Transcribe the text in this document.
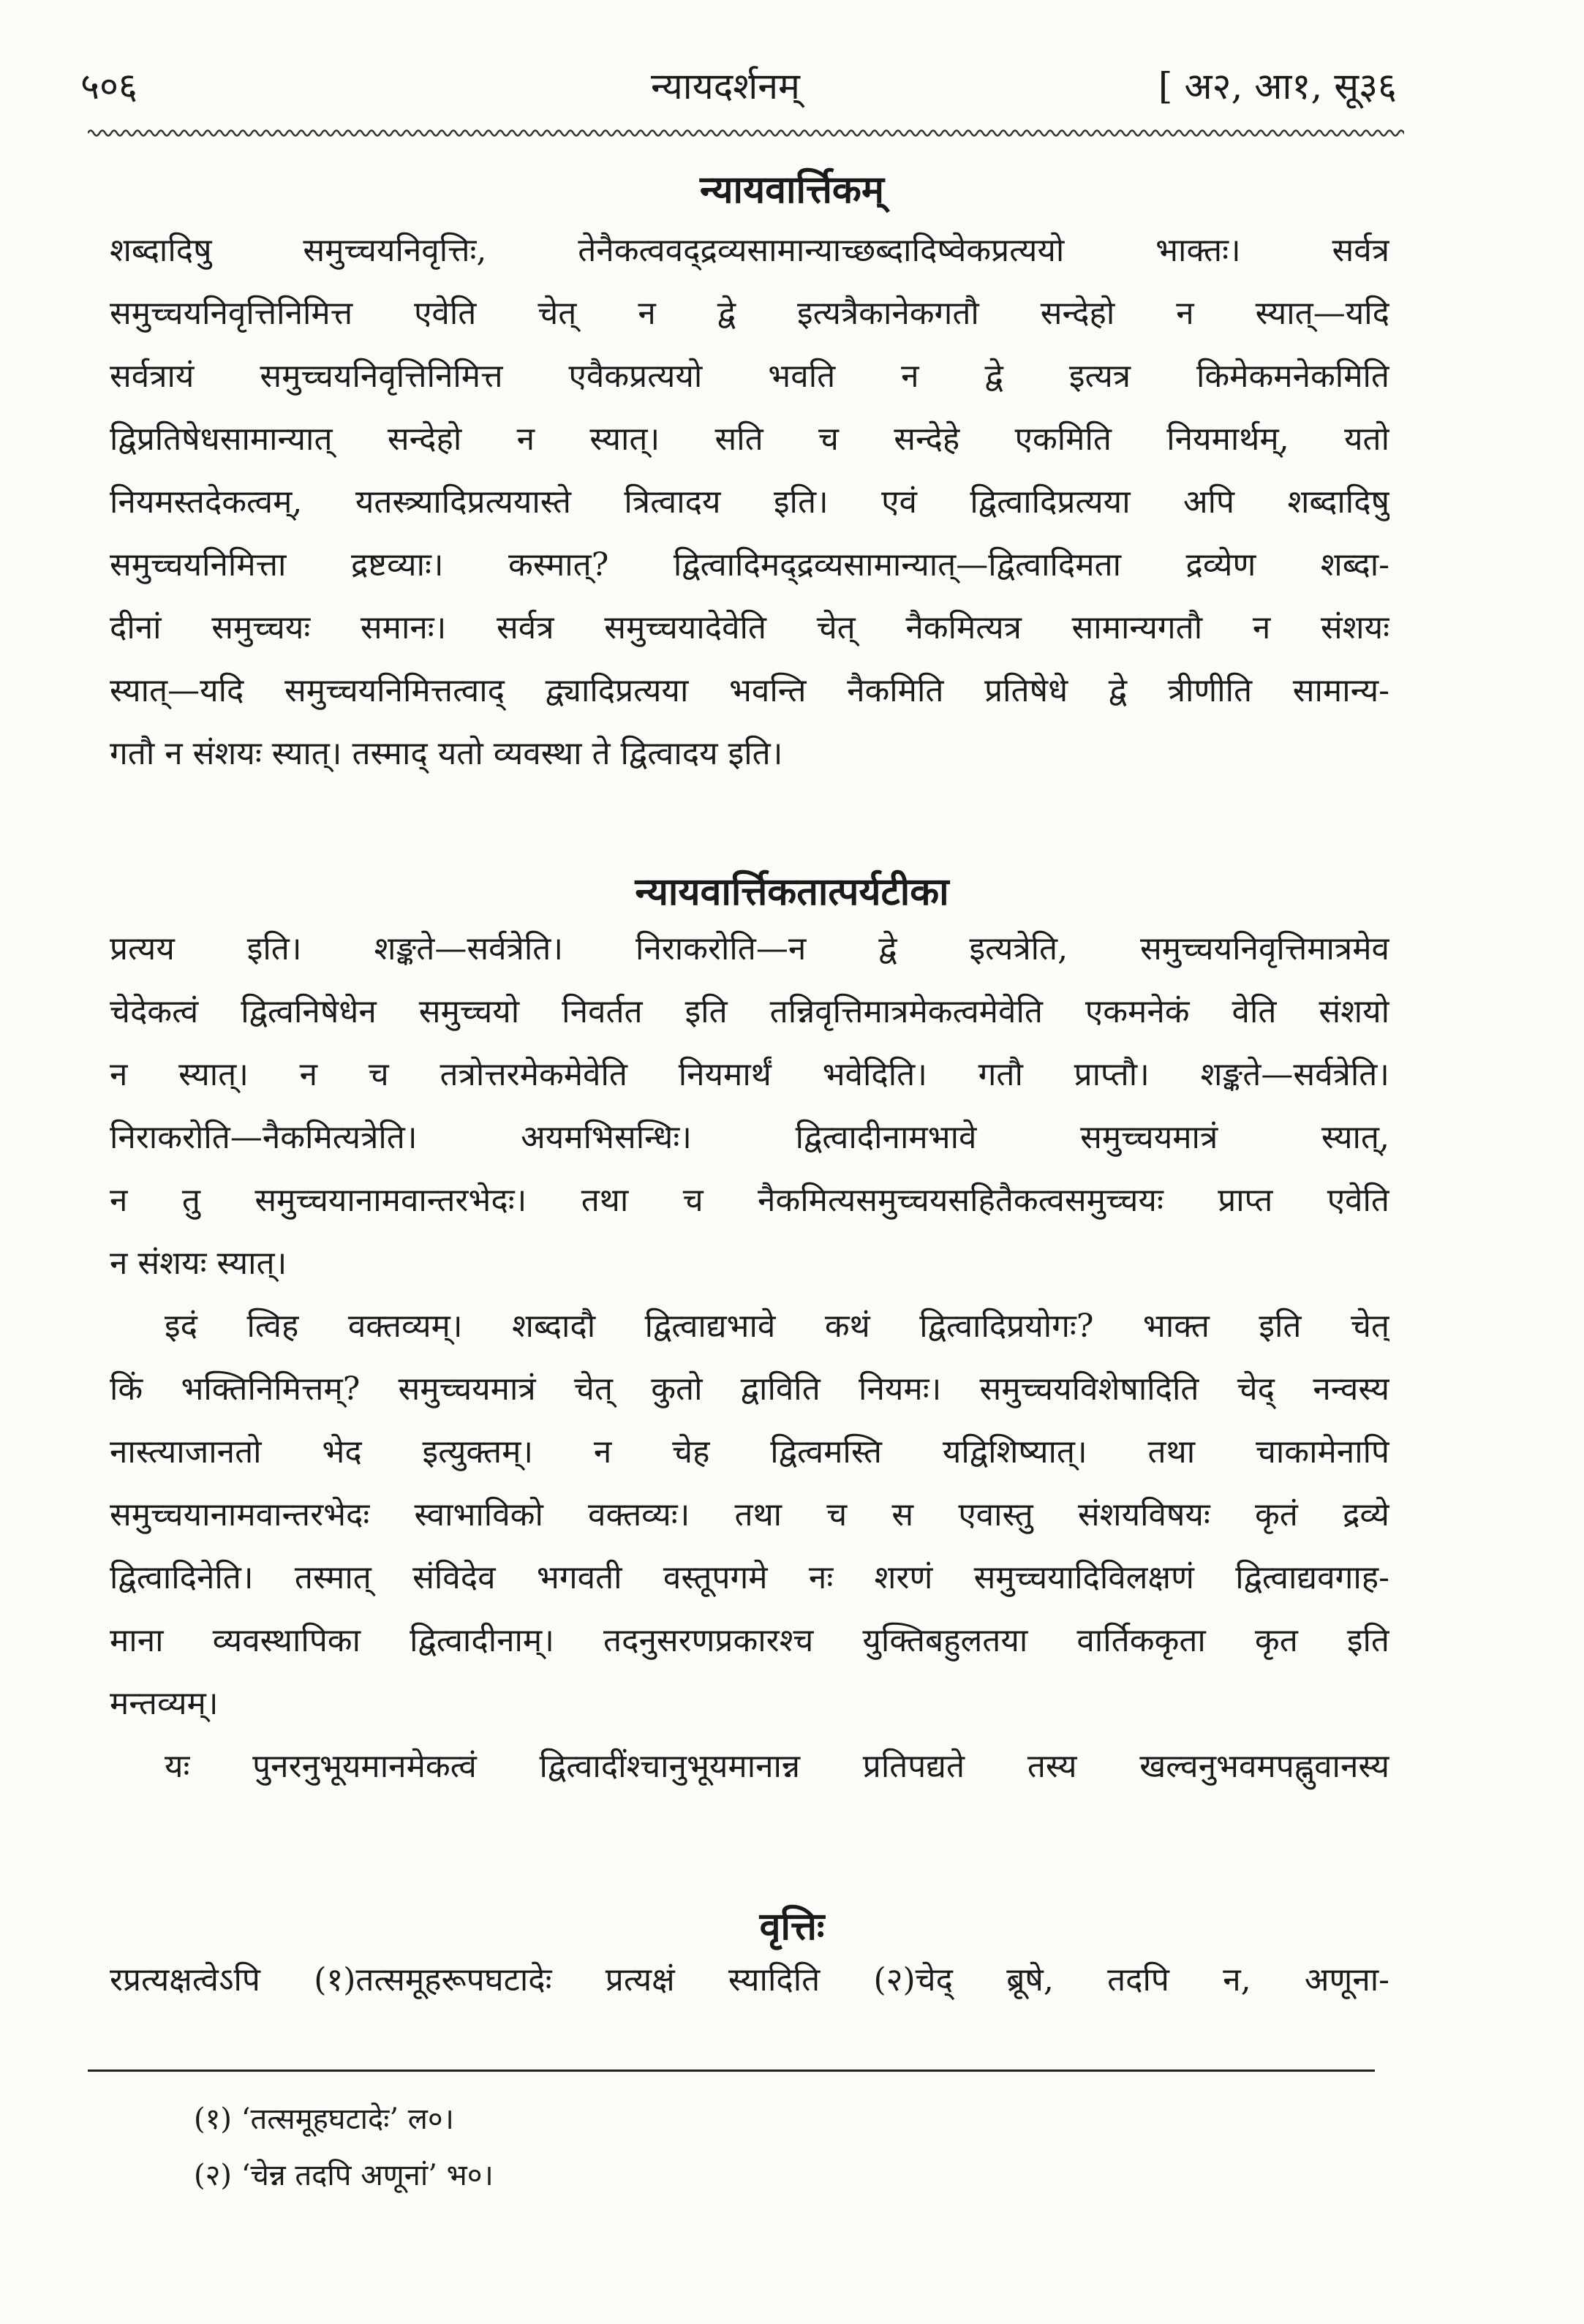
५०६	न्यायदर्शनम्	[ अ२, आ१, सू३६
न्यायवार्त्तिकम्
शब्दादिषु समुच्चयनिवृत्तिः, तेनैकत्ववद्द्रव्यसामान्याच्छब्दादिष्वेकप्रत्ययो भाक्तः। सर्वत्र
समुच्चयनिवृत्तिनिमित्त एवेति चेत् न द्वे इत्यत्रैकानेकगतौ सन्देहो न स्यात्—यदि
सर्वत्रायं समुच्चयनिवृत्तिनिमित्त एवैकप्रत्ययो भवति न द्वे इत्यत्र किमेकमनेकमिति
द्विप्रतिषेधसामान्यात् सन्देहो न स्यात्। सति च सन्देहे एकमिति नियमार्थम्, यतो
नियमस्तदेकत्वम्, यतस्त्र्यादिप्रत्ययास्ते त्रित्वादय इति। एवं द्वित्वादिप्रत्यया अपि शब्दादिषु
समुच्चयनिमित्ता द्रष्टव्याः। कस्मात्? द्वित्वादिमद्द्रव्यसामान्यात्—द्वित्वादिमता द्रव्येण शब्दा-
दीनां समुच्चयः समानः। सर्वत्र समुच्चयादेवेति चेत् नैकमित्यत्र सामान्यगतौ न संशयः
स्यात्—यदि समुच्चयनिमित्तत्वाद् द्व्यादिप्रत्यया भवन्ति नैकमिति प्रतिषेधे द्वे त्रीणीति सामान्य-
गतौ न संशयः स्यात्। तस्माद् यतो व्यवस्था ते द्वित्वादय इति।
न्यायवार्त्तिकतात्पर्यटीका
प्रत्यय इति। शङ्कते—सर्वत्रेति। निराकरोति—न द्वे इत्यत्रेति, समुच्चयनिवृत्तिमात्रमेव
चेदेकत्वं द्वित्वनिषेधेन समुच्चयो निवर्तत इति तन्निवृत्तिमात्रमेकत्वमेवेति एकमनेकं वेति संशयो
न स्यात्। न च तत्रोत्तरमेकमेवेति नियमार्थं भवेदिति। गतौ प्राप्तौ। शङ्कते—सर्वत्रेति।
निराकरोति—नैकमित्यत्रेति। अयमभिसन्धिः। द्वित्वादीनामभावे समुच्चयमात्रं स्यात्,
न तु समुच्चयानामवान्तरभेदः। तथा च नैकमित्यसमुच्चयसहितैकत्वसमुच्चयः प्राप्त एवेति
न संशयः स्यात्।
इदं त्विह वक्तव्यम्। शब्दादौ द्वित्वाद्यभावे कथं द्वित्वादिप्रयोगः? भाक्त इति चेत्
किं भक्तिनिमित्तम्? समुच्चयमात्रं चेत् कुतो द्वाविति नियमः। समुच्चयविशेषादिति चेद् नन्वस्य
नास्त्याजानतो भेद इत्युक्तम्। न चेह द्वित्वमस्ति यद्विशिष्यात्। तथा चाकामेनापि
समुच्चयानामवान्तरभेदः स्वाभाविको वक्तव्यः। तथा च स एवास्तु संशयविषयः कृतं द्रव्ये
द्वित्वादिनेति। तस्मात् संविदेव भगवती वस्तूपगमे नः शरणं समुच्चयादिविलक्षणं द्वित्वाद्यवगाह-
माना व्यवस्थापिका द्वित्वादीनाम्। तदनुसरणप्रकारश्च युक्तिबहुलतया वार्तिककृता कृत इति
मन्तव्यम्।
यः पुनरनुभूयमानमेकत्वं द्वित्वादींश्चानुभूयमानान्न प्रतिपद्यते तस्य खल्वनुभवमपह्नुवानस्य
वृत्तिः
रप्रत्यक्षत्वेऽपि (१)तत्समूहरूपघटादेः प्रत्यक्षं स्यादिति (२)चेद् ब्रूषे, तदपि न, अणूना-
(१) ‘तत्समूहघटादेः’ ल०।
(२) ‘चेन्न तदपि अणूनां’ भ०।
